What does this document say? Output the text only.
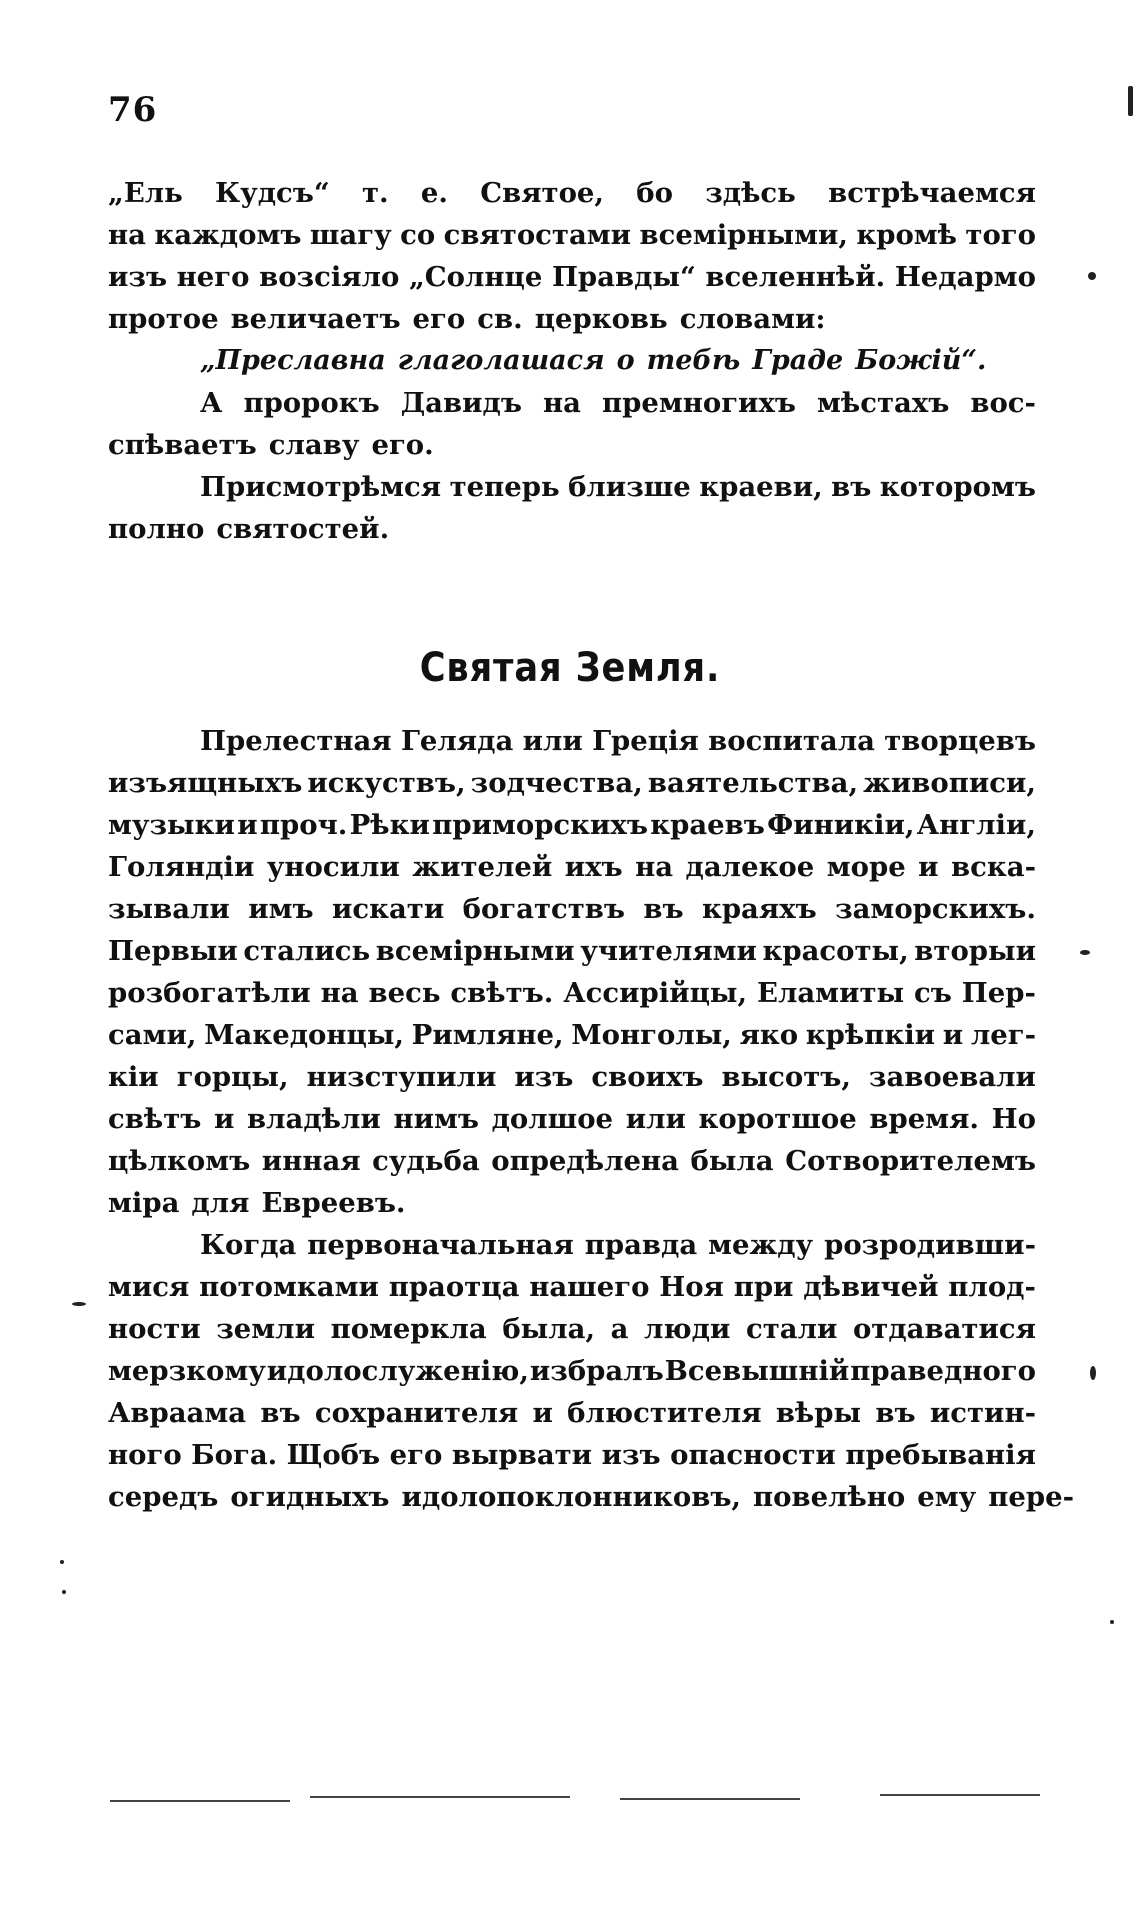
76
„Ель Кудсъ“ т. е. Святое, бо здѣсь встрѣчаемся
на каждомъ шагу со святостами всемірными, кромѣ того
изъ него возсіяло „Солнце Правды“ вселеннѣй. Недармо
протое величаетъ его св. церковь словами:
„Преславна глаголашася о тебѣ Граде Божій“.
А пророкъ Давидъ на премногихъ мѣстахъ вос-
спѣваетъ славу его.
Присмотрѣмся теперь близше краеви, въ которомъ
полно святостей.
Святая Земля.
Прелестная Геляда или Греція воспитала творцевъ
изъящныхъ искуствъ, зодчества, ваятельства, живописи,
музыки и проч. Рѣки приморскихъ краевъ Финикіи, Англіи,
Голяндіи уносили жителей ихъ на далекое море и вска-
зывали имъ искати богатствъ въ краяхъ заморскихъ.
Первыи стались всемірными учителями красоты, вторыи
розбогатѣли на весь свѣтъ. Ассирійцы, Еламиты съ Пер-
сами, Македонцы, Римляне, Монголы, яко крѣпкіи и лег-
кіи горцы, низступили изъ своихъ высотъ, завоевали
свѣтъ и владѣли нимъ долшое или коротшое время. Но
цѣлкомъ инная судьба опредѣлена была Сотворителемъ
міра для Евреевъ.
Когда первоначальная правда между розродивши-
мися потомками праотца нашего Ноя при дѣвичей плод-
ности земли померкла была, а люди стали отдаватися
мерзкому идолослуженію, избралъ Всевышній праведного
Авраама въ сохранителя и блюстителя вѣры въ истин-
ного Бога. Щобъ его вырвати изъ опасности пребыванія
середъ огидныхъ идолопоклонниковъ, повелѣно ему пере-
